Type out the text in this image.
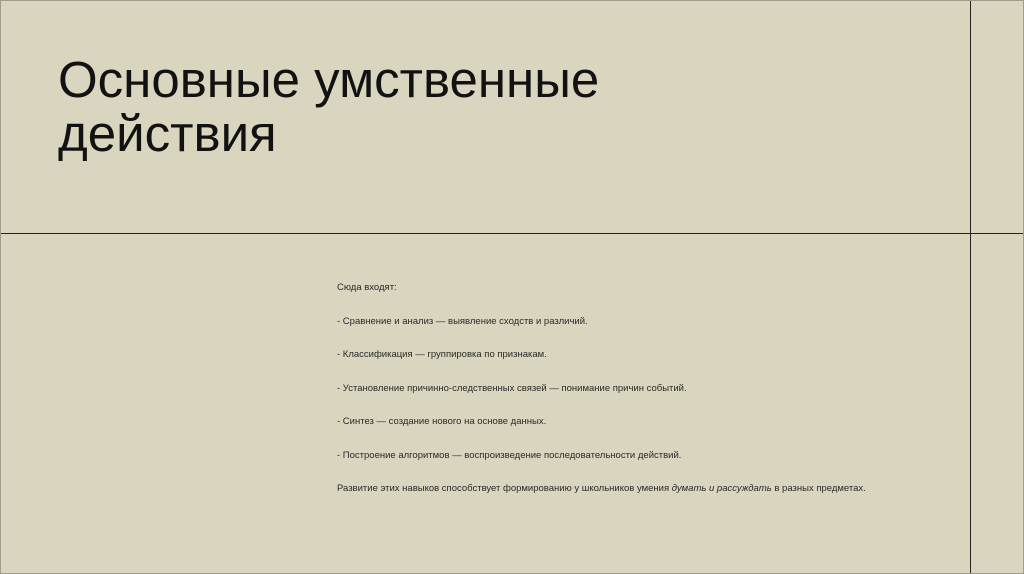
Основные умственные
действия

Сюда входят:

- Сравнение и анализ — выявление сходств и различий.

- Классификация — группировка по признакам.

- Установление причинно-следственных связей — понимание причин событий.

- Синтез — создание нового на основе данных.

- Построение алгоритмов — воспроизведение последовательности действий.

Развитие этих навыков способствует формированию у школьников умения думать и рассуждать в разных предметах.
